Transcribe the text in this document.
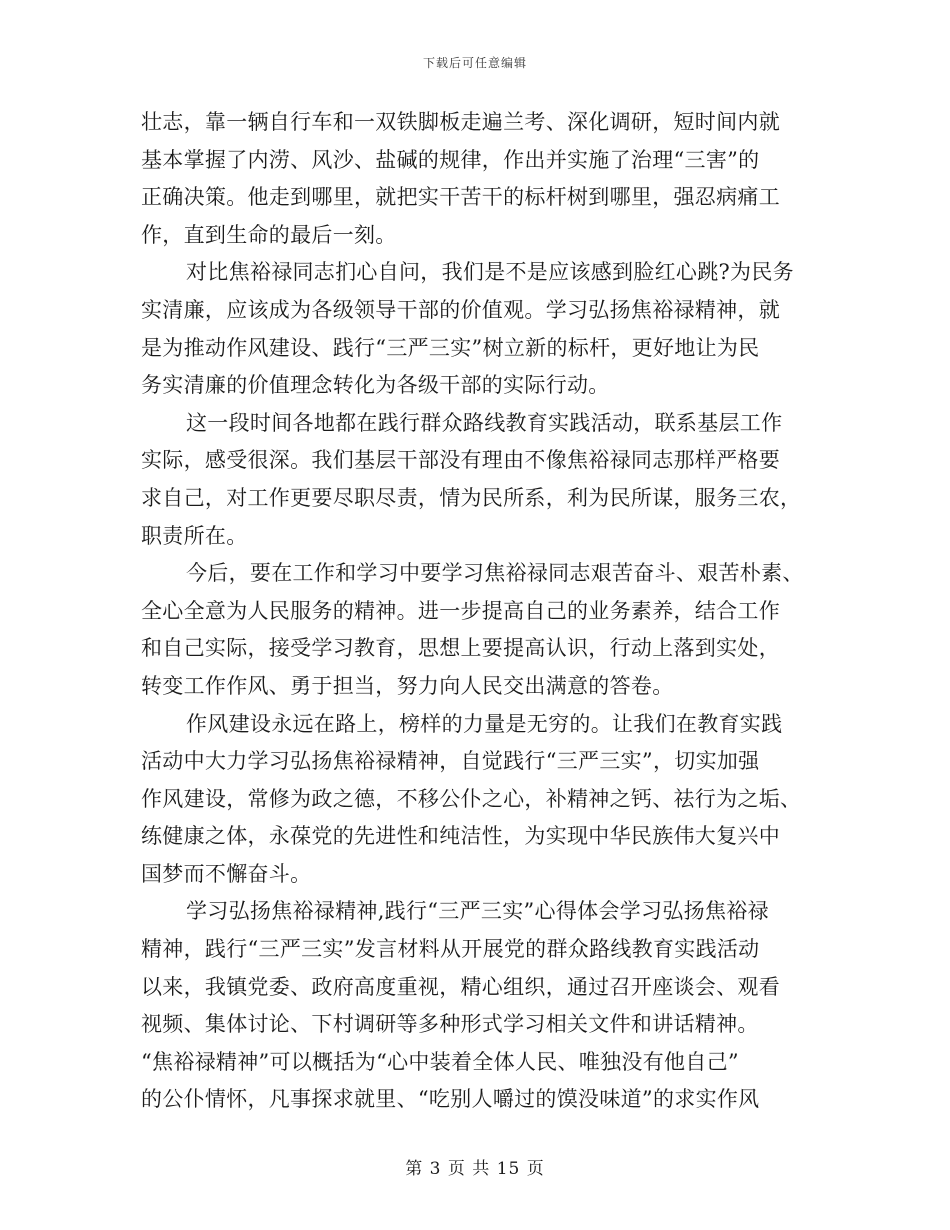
下载后可任意编辑
壮志，靠一辆自行车和一双铁脚板走遍兰考、深化调研，短时间内就
基本掌握了内涝、风沙、盐碱的规律，作出并实施了治理“三害”的
正确决策。他走到哪里，就把实干苦干的标杆树到哪里，强忍病痛工
作，直到生命的最后一刻。
对比焦裕禄同志扪心自问，我们是不是应该感到脸红心跳?为民务
实清廉，应该成为各级领导干部的价值观。学习弘扬焦裕禄精神，就
是为推动作风建设、践行“三严三实”树立新的标杆，更好地让为民
务实清廉的价值理念转化为各级干部的实际行动。
这一段时间各地都在践行群众路线教育实践活动，联系基层工作
实际，感受很深。我们基层干部没有理由不像焦裕禄同志那样严格要
求自己，对工作更要尽职尽责，情为民所系，利为民所谋，服务三农，
职责所在。
今后，要在工作和学习中要学习焦裕禄同志艰苦奋斗、艰苦朴素、
全心全意为人民服务的精神。进一步提高自己的业务素养，结合工作
和自己实际，接受学习教育，思想上要提高认识，行动上落到实处，
转变工作作风、勇于担当，努力向人民交出满意的答卷。
作风建设永远在路上，榜样的力量是无穷的。让我们在教育实践
活动中大力学习弘扬焦裕禄精神，自觉践行“三严三实”，切实加强
作风建设，常修为政之德，不移公仆之心，补精神之钙、祛行为之垢、
练健康之体，永葆党的先进性和纯洁性，为实现中华民族伟大复兴中
国梦而不懈奋斗。
学习弘扬焦裕禄精神,践行“三严三实”心得体会学习弘扬焦裕禄
精神，践行“三严三实”发言材料从开展党的群众路线教育实践活动
以来，我镇党委、政府高度重视，精心组织，通过召开座谈会、观看
视频、集体讨论、下村调研等多种形式学习相关文件和讲话精神。
“焦裕禄精神”可以概括为“心中装着全体人民、唯独没有他自己”
的公仆情怀，凡事探求就里、“吃别人嚼过的馍没味道”的求实作风
第 3 页 共 15 页
